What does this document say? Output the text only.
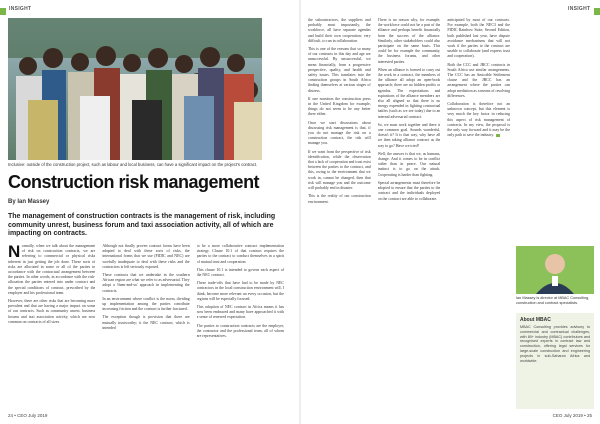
INSIGHT
Inclusive: outside of the construction project, such as labour and local business, can have a significant impact on the project's contract.
Construction risk management
By Ian Massey
The management of construction contracts is the management of risk, including community unrest, business forum and taxi association activity, all of which are impacting on contracts.
N ormally, when we talk about the management of risk on construction contracts, we are referring to commercial or physical risks inherent in just getting the job done. These sorts of risks are allocated in some or all of the parties in accordance with the contractual arrangement between the parties. In other words, in accordance with the risk-allocation the parties entered into under contract and the special conditions of contract, prescribed by the employer and his professional team.

However, there are other risks that are becoming more prevalent and that are having a major impact on some of our contracts. Such as community unrest, business forums and taxi association activity, which are now common on contracts of all sizes.

Although not finally proven contract forms have been adapted to deal with these sorts of risks, the international forms that we use (FIDIC and NEC) are woefully inadequate to deal with these risks and the contractors is left seriously exposed.

These contracts that we undertake in the southern African region are what we refer to as adversarial. They adopt a 'them-and-us' approach in implementing the contracts.

In an environment where conflict is the norm, dividing up implementation among the parties contribute increasing friction and the contract is further fractured.

The exception though is provision that there are mutually trustworthy; it the NEC contract, which is intended

to be a more collaborative contract implementation strategy. Clause 10.1 of that contract requires the parties to the contract to conduct themselves in a spirit of mutual trust and cooperation.

This clause 10.1 is intended to govern each aspect of the NEC contract.

These trade-offs that have had to be made by NEC contractors in the local construction environment will, I think, become more relevant on every occasion, but the regions will be especially focused.

This adoption of NEC contract in Africa means it has now been embraced and many have approached it with a sense of renewed expectation.

The parties to construction contracts are the employer, the contractor and the professional team, all of whom are representatives.

24 • CEO July 2019
INSIGHT

the subcontractors, the suppliers and probably most importantly, the workforce, all have separate agendas and build their own cooperation; very difficult, to run in collaboration.

This is one of the reasons that so many of our contracts in this day and age are unsuccessful. By unsuccessful, we mean financially, from a progressive perspective, quality, and health and safety issues. This translates into the construction groups in South Africa finding themselves at various stages of distress.

If one monitors the construction press in the United Kingdom for example, things do not seem to be any better there either.

Once we start discussions about discussing risk management is that, if you do not manage the risk on a construction contract, the risk will manage you.

If we want from the perspective of risk identification, while the observation that a lack of cooperation and trust exist between the parties to the contract, and this, owing to the environment that we work in, cannot be changed, then that risk will manage you and the outcome will probably end in disaster.

This is the reality of our construction environment.

There is no reason why, for example, the workforce could not be a part of the alliance and perhaps benefit financially from the success of the alliance. Similarly, other stakeholders could also participate on the same basis. This could be for example the community, the business forums, and other interested parties.

When an alliance is formed to carry out the work in a contract, the members of the alliance all adopt an open-book approach; there are no hidden profits or agendas. The expectations and aspirations of the alliance members are also all aligned so that there is no energy expended in fighting contractual battles (such as we see today) due to an internal adversarial contract.

So, we must work together and there is one common goal. Sounds wonderful, doesn't it? It is that way, why have all we then taking alliance contract as the way to go? Have we tried?

Well, the answer is that we, as humans, change. And it comes to be in conflict rather than in peace. Our natural instinct is to go on the attack. Cooperating is harder than fighting.

Special arrangements must therefore be adopted to ensure that the parties to the contract and the individuals deployed on the contract are able to collaborate.

anticipated by most of our contracts. For example, both the NEC3 and the FIDIC Rainbow Suite, Second Edition, both published last year, have dispute avoidance mechanisms that will not work if the parties to the contract are unable to collaborate (and express trust and cooperation).

Both the CCC and JBCC contracts in South Africa use similar arrangements. The CCC has an Amicable Settlement clause and the JBCC has an arrangement where the parties can adopt mediation as a means of resolving differences.

Collaboration is therefore not an unknown concept, but this element is very much the key factor in reducing this aspect of risk management of contracts. In my view, the proposal is the only way forward and it may be the only path to save the industry.

Ian Massey is director at MBAC Consulting, construction and contract specialists.
About MBAC

MBAC Consulting provides advisory to commercial and contractual challenges, with 80+ industry (MBAC) contributors and recognised experts in contract law and construction, offering legal services for large-scale construction and engineering projects in sub-Saharan Africa and worldwide.

CEO July 2019 • 25
